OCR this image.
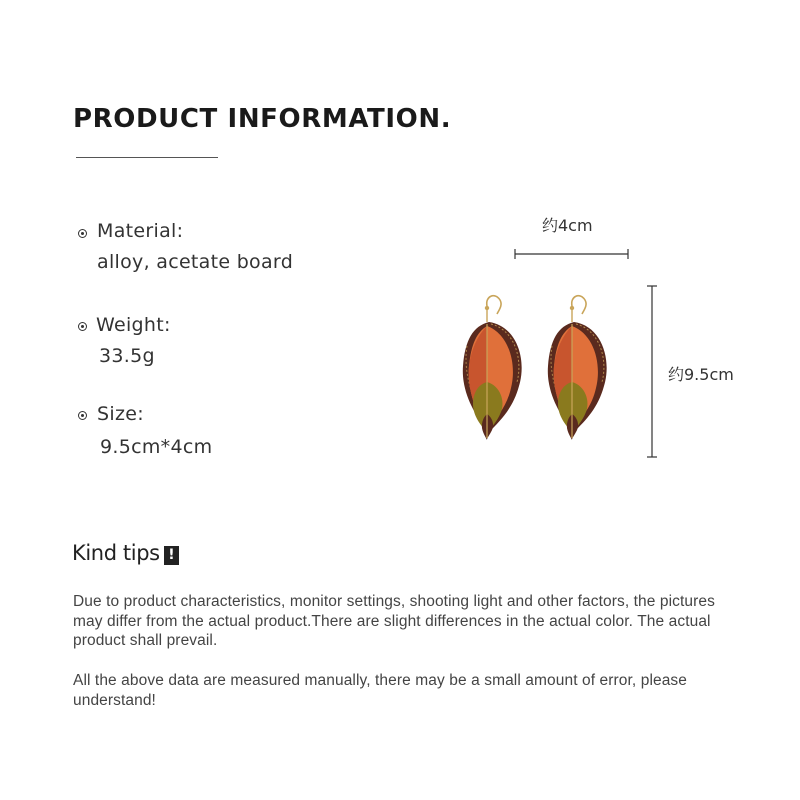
PRODUCT INFORMATION.
Material:
alloy, acetate board
Weight:
33.5g
Size:
9.5cm*4cm
约4cm
约9.5cm
Kind tips !

Due to product characteristics, monitor settings, shooting light and other factors, the pictures may differ from the actual product.There are slight differences in the actual color. The actual product shall prevail.

All the above data are measured manually, there may be a small amount of error, please understand!
